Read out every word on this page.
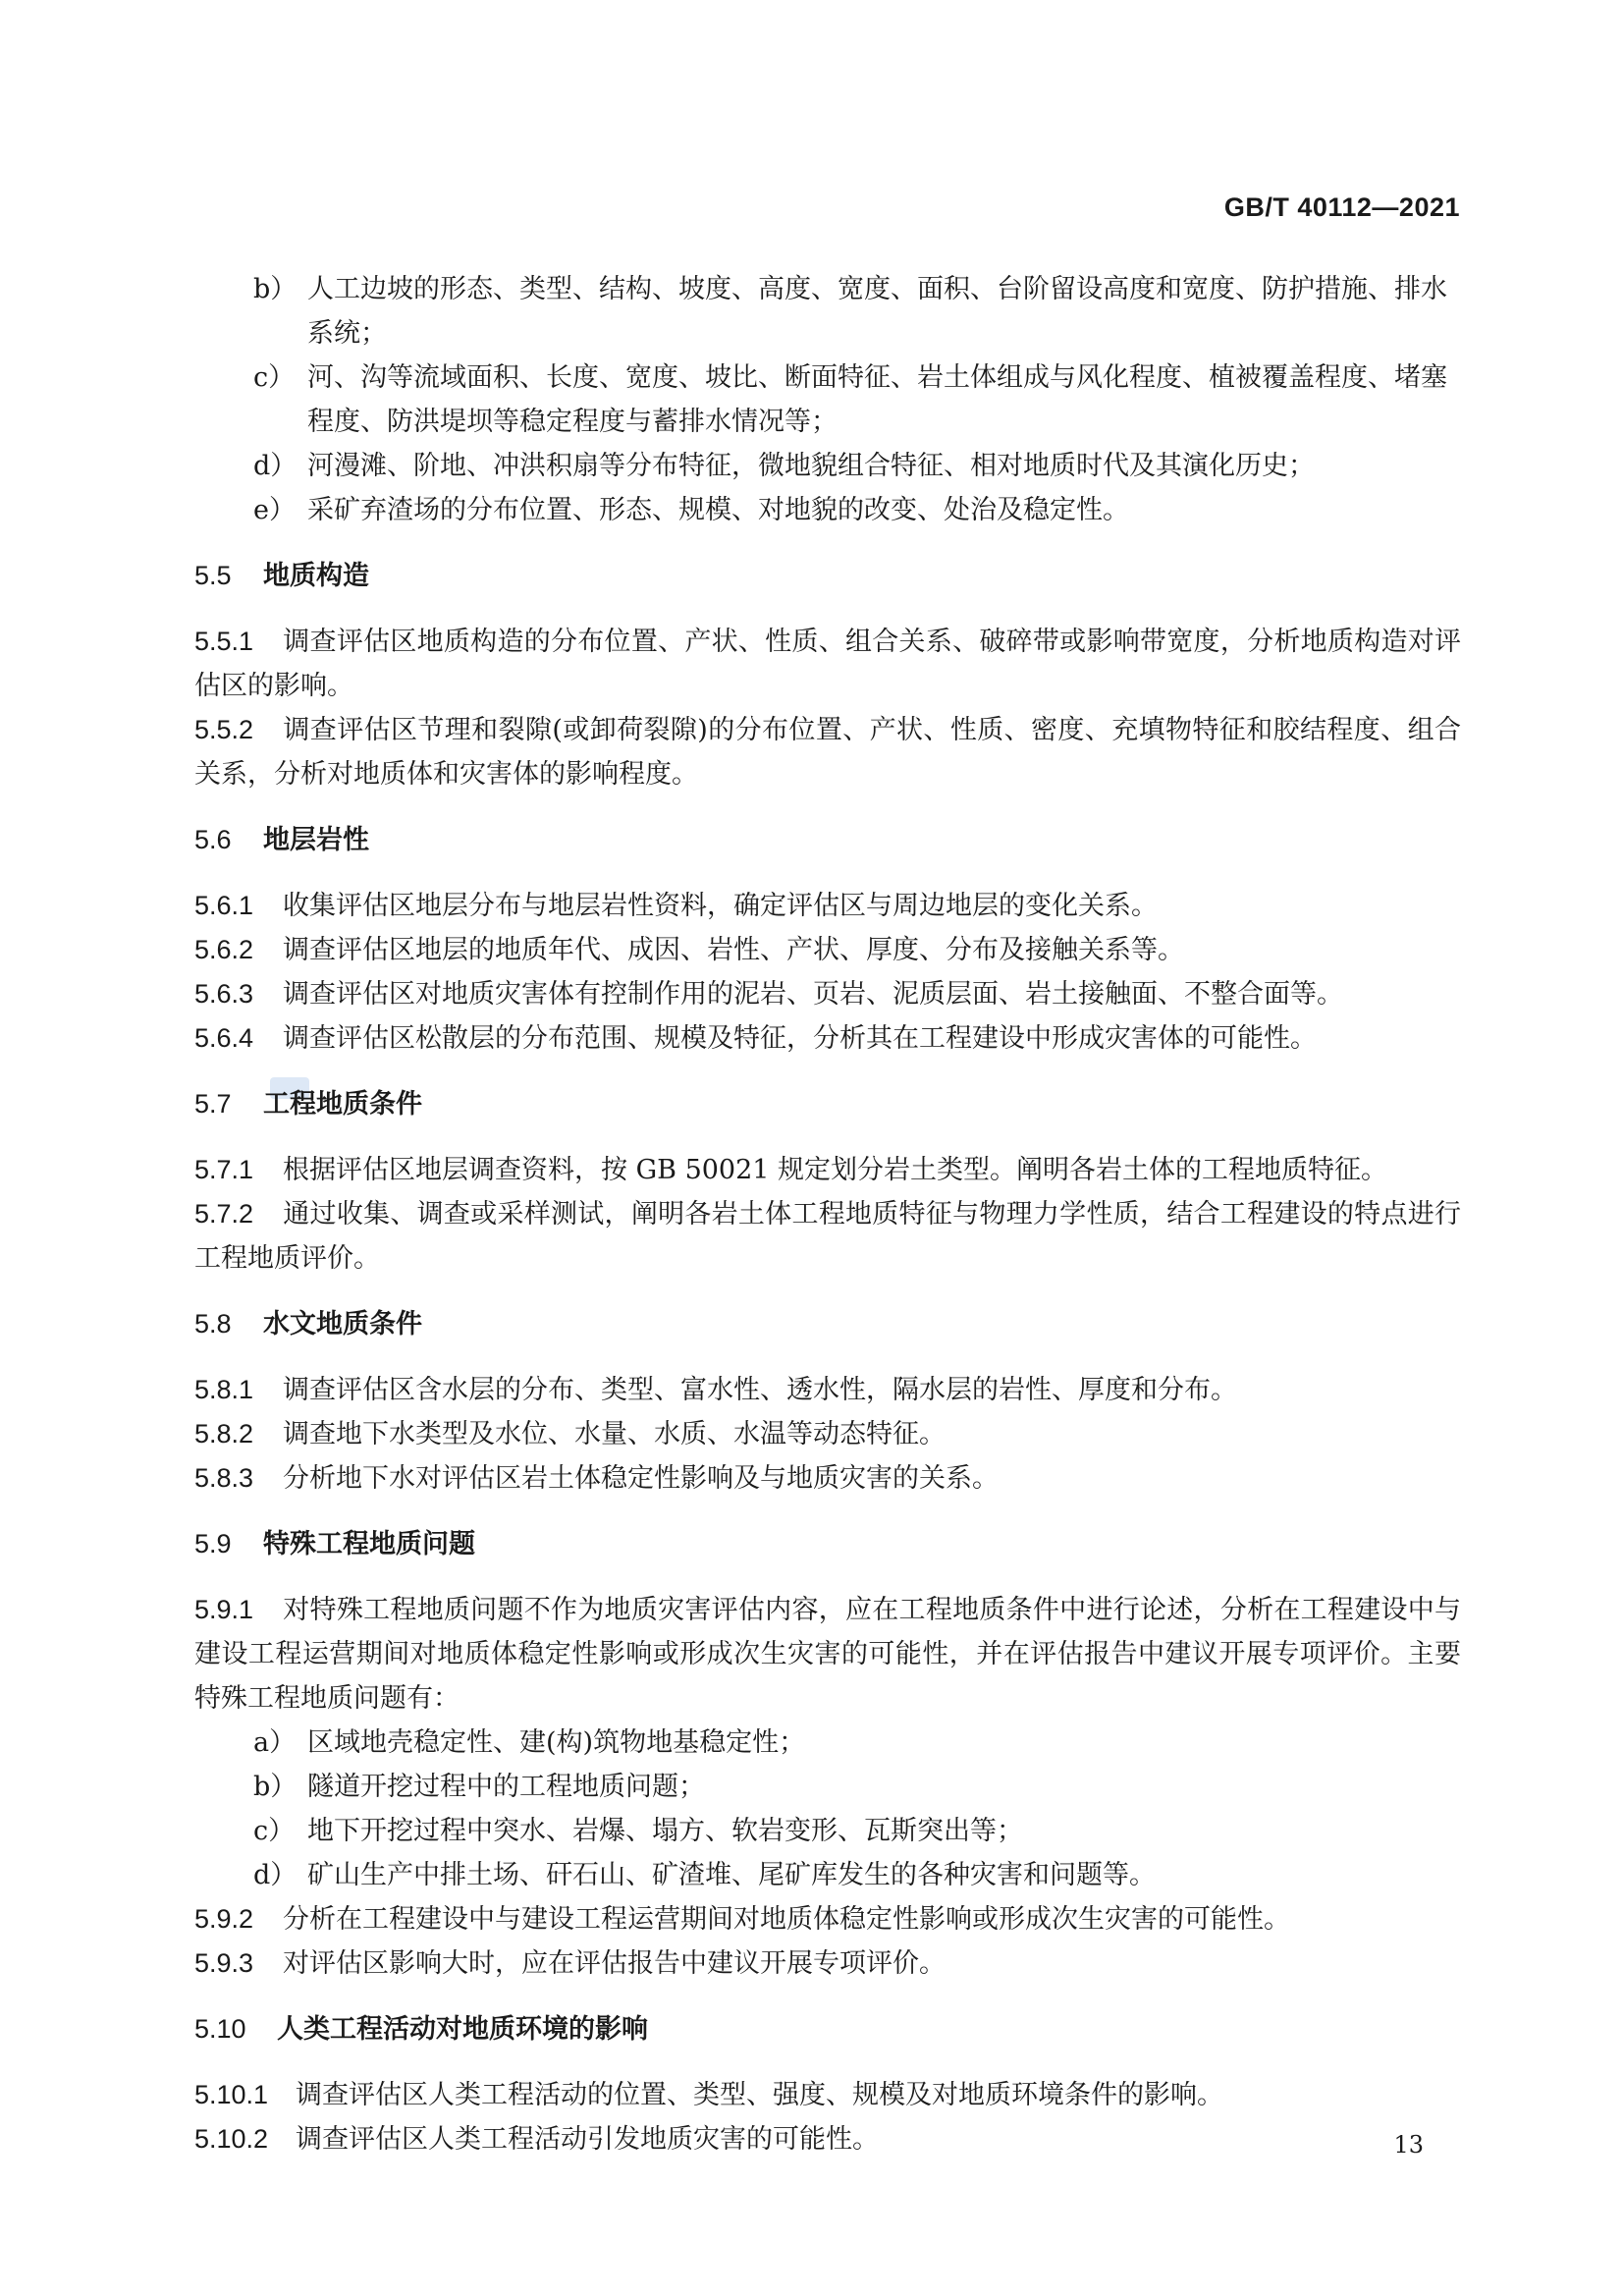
GB/T 40112—2021
b） 人工边坡的形态、类型、结构、坡度、高度、宽度、面积、台阶留设高度和宽度、防护措施、排水系统；
c） 河、沟等流域面积、长度、宽度、坡比、断面特征、岩土体组成与风化程度、植被覆盖程度、堵塞程度、防洪堤坝等稳定程度与蓄排水情况等；
d） 河漫滩、阶地、冲洪积扇等分布特征，微地貌组合特征、相对地质时代及其演化历史；
e） 采矿弃渣场的分布位置、形态、规模、对地貌的改变、处治及稳定性。
5.5 地质构造
5.5.1 调查评估区地质构造的分布位置、产状、性质、组合关系、破碎带或影响带宽度，分析地质构造对评估区的影响。
5.5.2 调查评估区节理和裂隙(或卸荷裂隙)的分布位置、产状、性质、密度、充填物特征和胶结程度、组合关系，分析对地质体和灾害体的影响程度。
5.6 地层岩性
5.6.1 收集评估区地层分布与地层岩性资料，确定评估区与周边地层的变化关系。
5.6.2 调查评估区地层的地质年代、成因、岩性、产状、厚度、分布及接触关系等。
5.6.3 调查评估区对地质灾害体有控制作用的泥岩、页岩、泥质层面、岩土接触面、不整合面等。
5.6.4 调查评估区松散层的分布范围、规模及特征，分析其在工程建设中形成灾害体的可能性。
5.7 工程地质条件
5.7.1 根据评估区地层调查资料，按 GB 50021 规定划分岩土类型。阐明各岩土体的工程地质特征。
5.7.2 通过收集、调查或采样测试，阐明各岩土体工程地质特征与物理力学性质，结合工程建设的特点进行工程地质评价。
5.8 水文地质条件
5.8.1 调查评估区含水层的分布、类型、富水性、透水性，隔水层的岩性、厚度和分布。
5.8.2 调查地下水类型及水位、水量、水质、水温等动态特征。
5.8.3 分析地下水对评估区岩土体稳定性影响及与地质灾害的关系。
5.9 特殊工程地质问题
5.9.1 对特殊工程地质问题不作为地质灾害评估内容，应在工程地质条件中进行论述，分析在工程建设中与建设工程运营期间对地质体稳定性影响或形成次生灾害的可能性，并在评估报告中建议开展专项评价。主要特殊工程地质问题有：
a） 区域地壳稳定性、建(构)筑物地基稳定性；
b） 隧道开挖过程中的工程地质问题；
c） 地下开挖过程中突水、岩爆、塌方、软岩变形、瓦斯突出等；
d） 矿山生产中排土场、矸石山、矿渣堆、尾矿库发生的各种灾害和问题等。
5.9.2 分析在工程建设中与建设工程运营期间对地质体稳定性影响或形成次生灾害的可能性。
5.9.3 对评估区影响大时，应在评估报告中建议开展专项评价。
5.10 人类工程活动对地质环境的影响
5.10.1 调查评估区人类工程活动的位置、类型、强度、规模及对地质环境条件的影响。
5.10.2 调查评估区人类工程活动引发地质灾害的可能性。	13
